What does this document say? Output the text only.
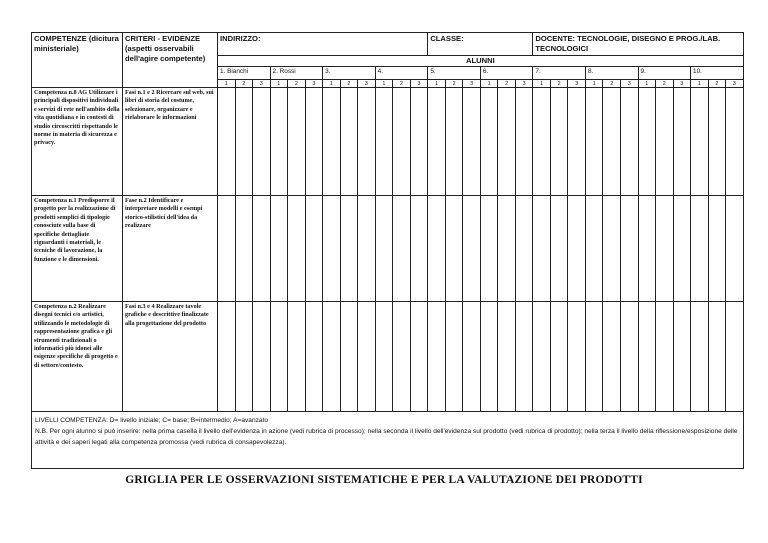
COMPETENZE (dicitura ministeriale)	CRITERI - EVIDENZE (aspetti osservabili dell'agire competente)	INDIRIZZO:												CLASSE:						DOCENTE: TECNOLOGIE, DISEGNO E PROG./LAB. TECNOLOGICI											
		ALUNNI																													
		1. Bianchi			2. Rossi			3.			4.			5.			6.			7.			8.			9.			10.		
		1	2	3	1	2	3	1	2	3	1	2	3	1	2	3	1	2	3	1	2	3	1	2	3	1	2	3	1	2	3
Competenza n.8 AG Utilizzare i principali dispositivi individuali e servizi di rete nell'ambito della vita quotidiana e in contesti di studio circoscritti rispettando le norme in materia di sicurezza e privacy.	Fasi n.1 e 2 Ricercare sul web, sui libri di storia del costume, selezionare, organizzare e rielaborare le informazioni																														
Competenza n.1 Predisporre il progetto per la realizzazione di prodotti semplici di tipologie conosciute sulla base di specifiche dettagliate riguardanti i materiali, le tecniche di lavorazione, la funzione e le dimensioni.	Fase n.2 Identificare e interpretare modelli e esempi storico-stilistici dell'idea da realizzare																														
Competenza n.2 Realizzare disegni tecnici e/o artistici, utilizzando le metodologie di rappresentazione grafica e gli strumenti tradizionali o informatici più idonei alle esigenze specifiche di progetto e di settore/contesto.	Fasi n.3 e 4 Realizzare tavole grafiche e descrittive finalizzate alla progettazione del prodotto																														

LIVELLI COMPETENZA: D= livello iniziale; C= base; B=intermedio; A=avanzato
N.B. Per ogni alunno si può inserire: nella prima casella il livello dell'evidenza in azione (vedi rubrica di processo); nella seconda il livello dell'evidenza sul prodotto (vedi rubrica di prodotto); nella terza il livello della riflessione/esposizione delle attività e dei saperi legati alla competenza promossa (vedi rubrica di consapevolezza).																															
GRIGLIA PER LE OSSERVAZIONI SISTEMATICHE E PER LA VALUTAZIONE DEI PRODOTTI
